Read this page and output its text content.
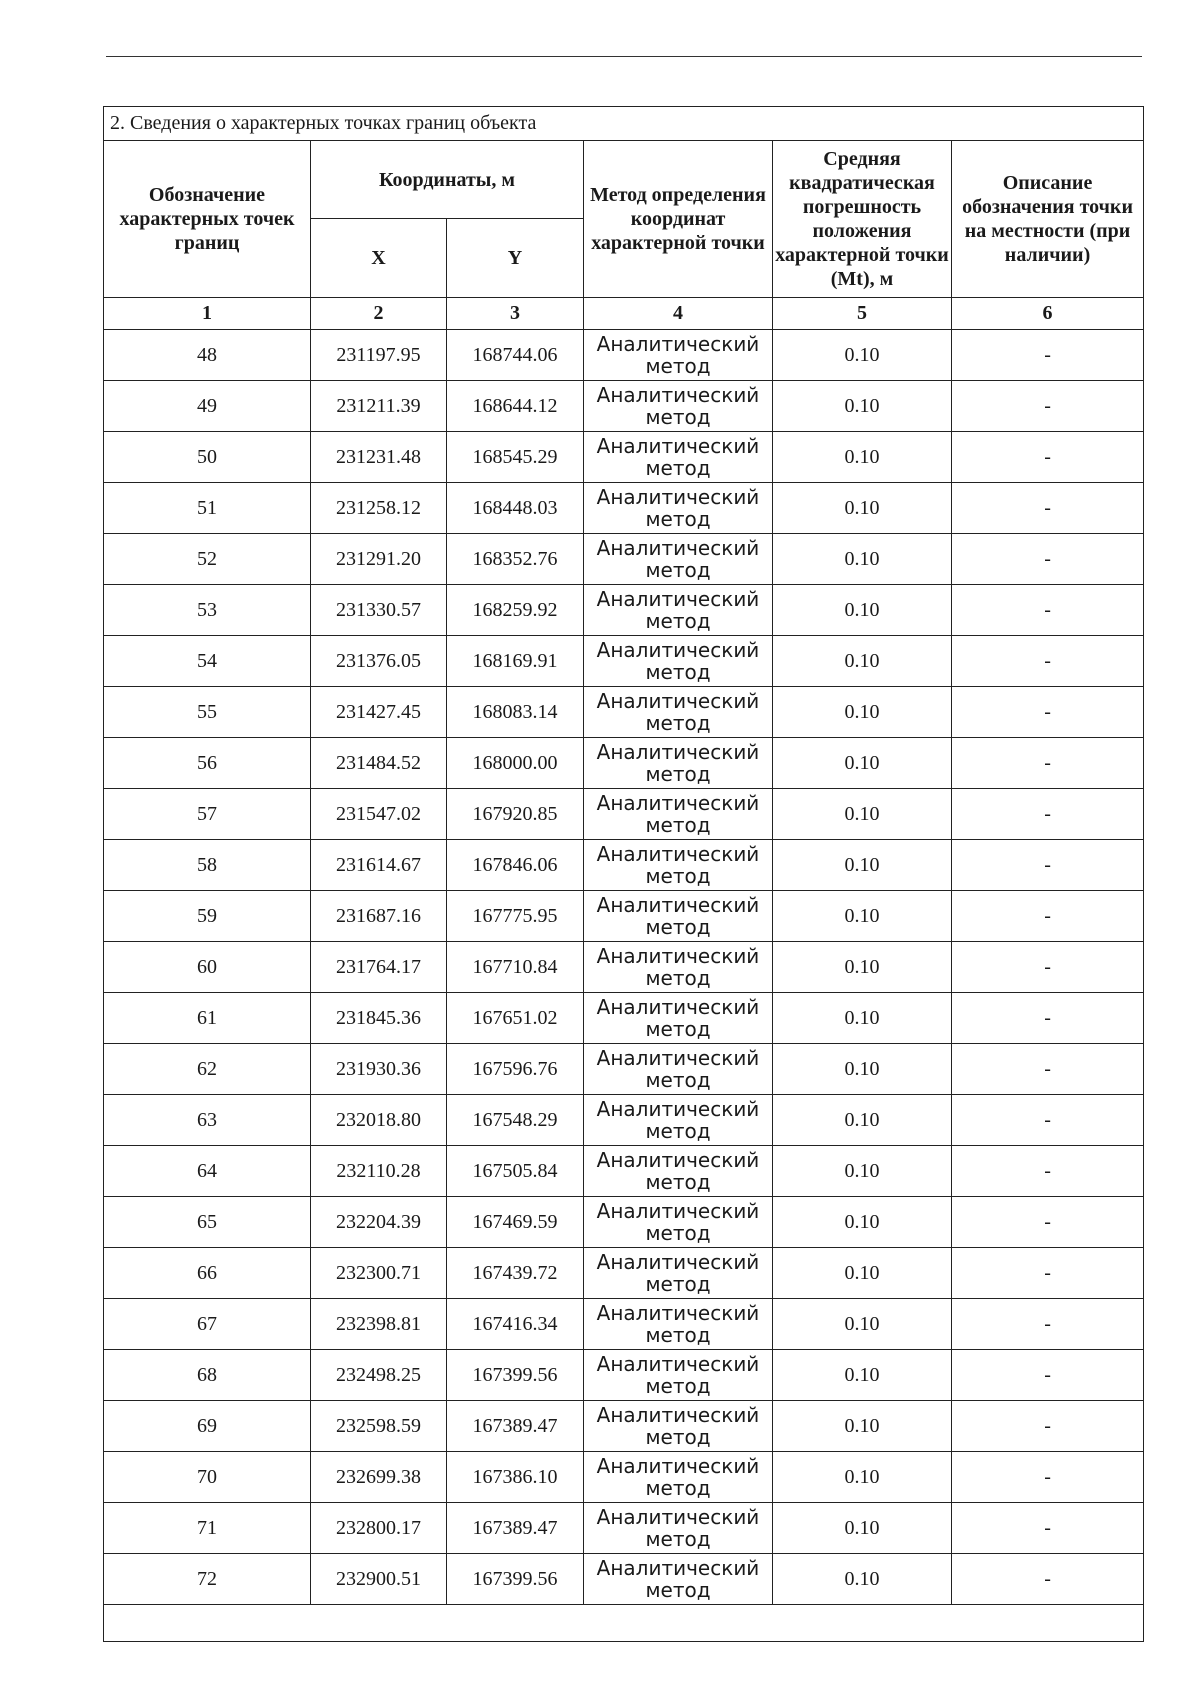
2. Сведения о характерных точках границ объекта					
Обозначение характерных точек границ	Координаты, м		Метод определения координат характерной точки	Средняя квадратическая погрешность положения характерной точки (Mt), м	Описание обозначения точки на местности (при наличии)
	X	Y			
1	2	3	4	5	6
48	231197.95	168744.06	Аналитический метод	0.10	-
49	231211.39	168644.12	Аналитический метод	0.10	-
50	231231.48	168545.29	Аналитический метод	0.10	-
51	231258.12	168448.03	Аналитический метод	0.10	-
52	231291.20	168352.76	Аналитический метод	0.10	-
53	231330.57	168259.92	Аналитический метод	0.10	-
54	231376.05	168169.91	Аналитический метод	0.10	-
55	231427.45	168083.14	Аналитический метод	0.10	-
56	231484.52	168000.00	Аналитический метод	0.10	-
57	231547.02	167920.85	Аналитический метод	0.10	-
58	231614.67	167846.06	Аналитический метод	0.10	-
59	231687.16	167775.95	Аналитический метод	0.10	-
60	231764.17	167710.84	Аналитический метод	0.10	-
61	231845.36	167651.02	Аналитический метод	0.10	-
62	231930.36	167596.76	Аналитический метод	0.10	-
63	232018.80	167548.29	Аналитический метод	0.10	-
64	232110.28	167505.84	Аналитический метод	0.10	-
65	232204.39	167469.59	Аналитический метод	0.10	-
66	232300.71	167439.72	Аналитический метод	0.10	-
67	232398.81	167416.34	Аналитический метод	0.10	-
68	232498.25	167399.56	Аналитический метод	0.10	-
69	232598.59	167389.47	Аналитический метод	0.10	-
70	232699.38	167386.10	Аналитический метод	0.10	-
71	232800.17	167389.47	Аналитический метод	0.10	-
72	232900.51	167399.56	Аналитический метод	0.10	-
